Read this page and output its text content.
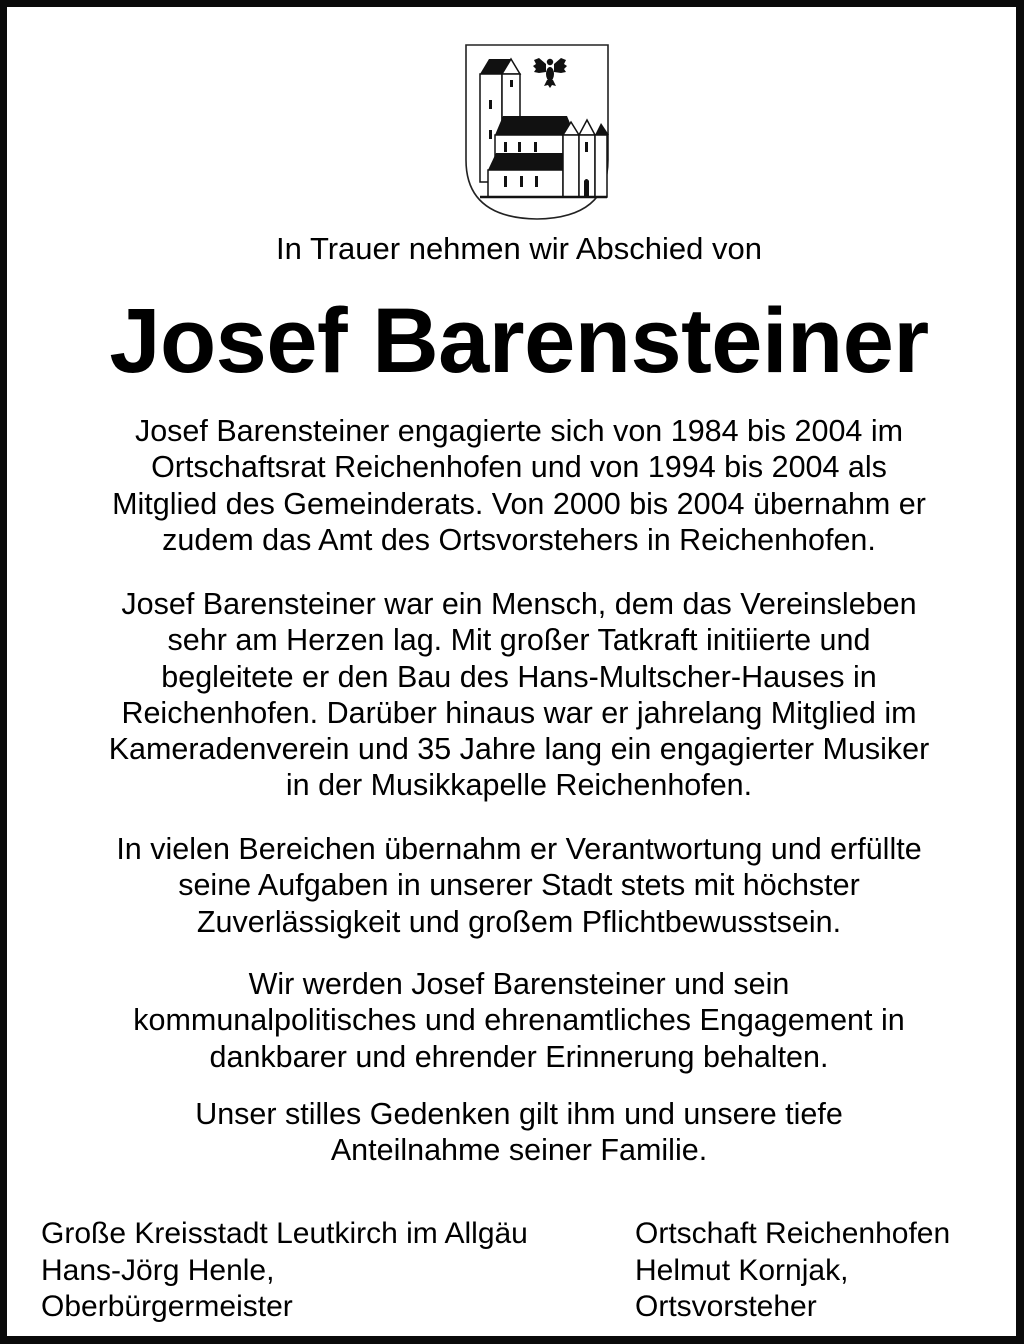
In Trauer nehmen wir Abschied von
Josef Barensteiner
Josef Barensteiner engagierte sich von 1984 bis 2004 im
Ortschaftsrat Reichenhofen und von 1994 bis 2004 als
Mitglied des Gemeinderats. Von 2000 bis 2004 übernahm er
zudem das Amt des Ortsvorstehers in Reichenhofen.
Josef Barensteiner war ein Mensch, dem das Vereinsleben
sehr am Herzen lag. Mit großer Tatkraft initiierte und
begleitete er den Bau des Hans-Multscher-Hauses in
Reichenhofen. Darüber hinaus war er jahrelang Mitglied im
Kameradenverein und 35 Jahre lang ein engagierter Musiker
in der Musikkapelle Reichenhofen.
In vielen Bereichen übernahm er Verantwortung und erfüllte
seine Aufgaben in unserer Stadt stets mit höchster
Zuverlässigkeit und großem Pflichtbewusstsein.
Wir werden Josef Barensteiner und sein
kommunalpolitisches und ehrenamtliches Engagement in
dankbarer und ehrender Erinnerung behalten.
Unser stilles Gedenken gilt ihm und unsere tiefe
Anteilnahme seiner Familie.
Große Kreisstadt Leutkirch im Allgäu
Hans-Jörg Henle,
Oberbürgermeister
Ortschaft Reichenhofen
Helmut Kornjak,
Ortsvorsteher
